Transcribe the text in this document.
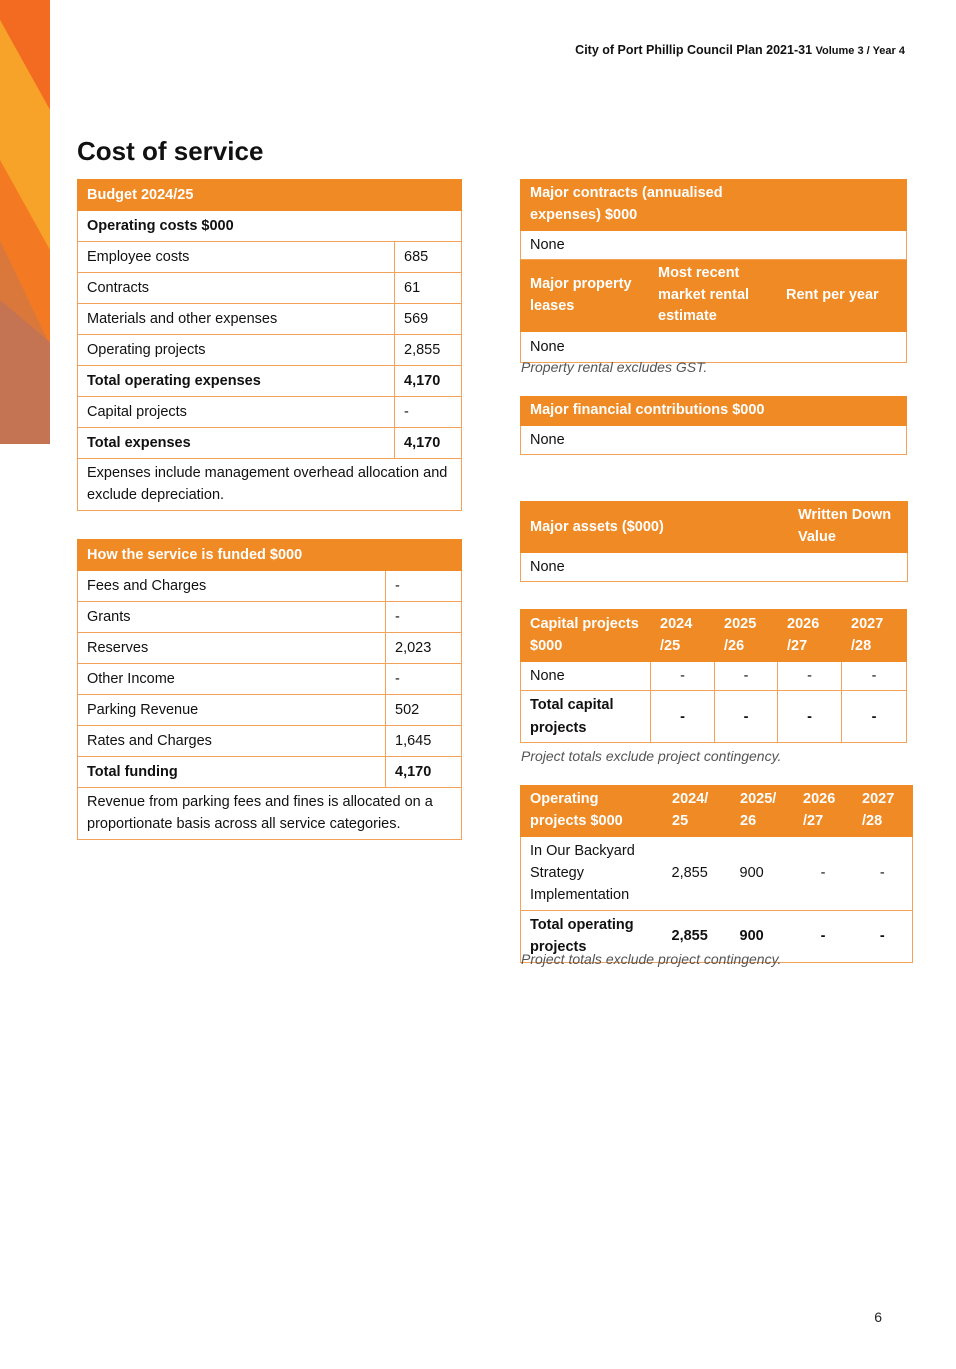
City of Port Phillip Council Plan 2021-31 Volume 3 / Year 4
Cost of service
Budget 2024/25	
Operating costs $000	
Employee costs	685
Contracts	61
Materials and other expenses	569
Operating projects	2,855
Total operating expenses	4,170
Capital projects	-
Total expenses	4,170
Expenses include management overhead allocation and exclude depreciation.	
How the service is funded $000	
Fees and Charges	-
Grants	-
Reserves	2,023
Other Income	-
Parking Revenue	502
Rates and Charges	1,645
Total funding	4,170
Revenue from parking fees and fines is allocated on a proportionate basis across all service categories.	
Major contracts (annualised expenses) $000		
None		
Major property leases	Most recent market rental estimate	Rent per year
None		
Property rental excludes GST.
Major financial contributions $000	
None
Major assets ($000)	Written Down Value
None
Capital projects $000	2024 /25	2025 /26	2026 /27	2027 /28
None	-	-	-	-
Total capital projects	-	-	-	-
Project totals exclude project contingency.
Operating projects $000	2024/ 25	2025/ 26	2026 /27	2027 /28
In Our Backyard Strategy Implementation	2,855	900	-	-
Total operating projects	2,855	900	-	-
Project totals exclude project contingency.
6
